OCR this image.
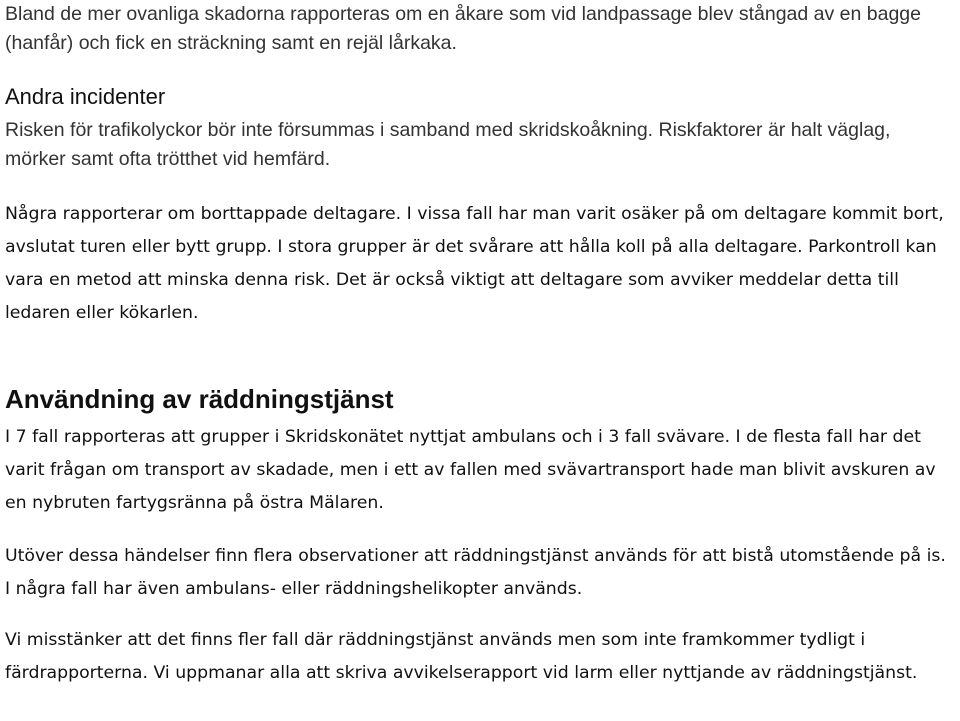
Bland de mer ovanliga skadorna rapporteras om en åkare som vid landpassage blev stångad av en bagge (hanfår) och fick en sträckning samt en rejäl lårkaka.

Andra incidenter

Risken för trafikolyckor bör inte försummas i samband med skridskoåkning. Riskfaktorer är halt väglag, mörker samt ofta trötthet vid hemfärd.

Några rapporterar om borttappade deltagare. I vissa fall har man varit osäker på om deltagare kommit bort, avslutat turen eller bytt grupp. I stora grupper är det svårare att hålla koll på alla deltagare. Parkontroll kan vara en metod att minska denna risk. Det är också viktigt att deltagare som avviker meddelar detta till ledaren eller kökarlen.

Användning av räddningstjänst

I 7 fall rapporteras att grupper i Skridskonätet nyttjat ambulans och i 3 fall svävare. I de flesta fall har det varit frågan om transport av skadade, men i ett av fallen med svävartransport hade man blivit avskuren av en nybruten fartygsränna på östra Mälaren.

Utöver dessa händelser finn flera observationer att räddningstjänst används för att bistå utomstående på is. I några fall har även ambulans- eller räddningshelikopter används.

Vi misstänker att det finns fler fall där räddningstjänst används men som inte framkommer tydligt i färdrapporterna. Vi uppmanar alla att skriva avvikelserapport vid larm eller nyttjande av räddningstjänst.
